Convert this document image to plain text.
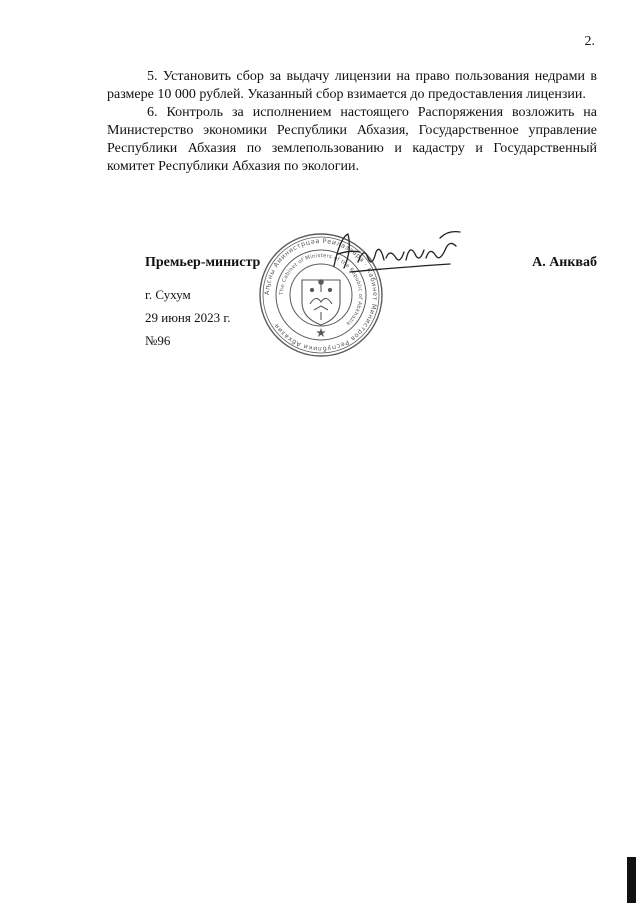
2.

5. Установить сбор за выдачу лицензии на право пользования недрами в размере 10 000 рублей. Указанный сбор взимается до предоставления лицензии.

6. Контроль за исполнением настоящего Распоряжения возложить на Министерство экономики Республики Абхазия, Государственное управление Республики Абхазия по землепользованию и кадастру и Государственный комитет Республики Абхазия по экологии.

Премьер-министр	А. Анкваб
Аҧсны Аминистрцәа Реилазаара · Кабинет Министров Республики Абхазия
The Cabinet of Ministers of the Republic of Abkhazia
г. Сухум
29 июня 2023 г.
№96
